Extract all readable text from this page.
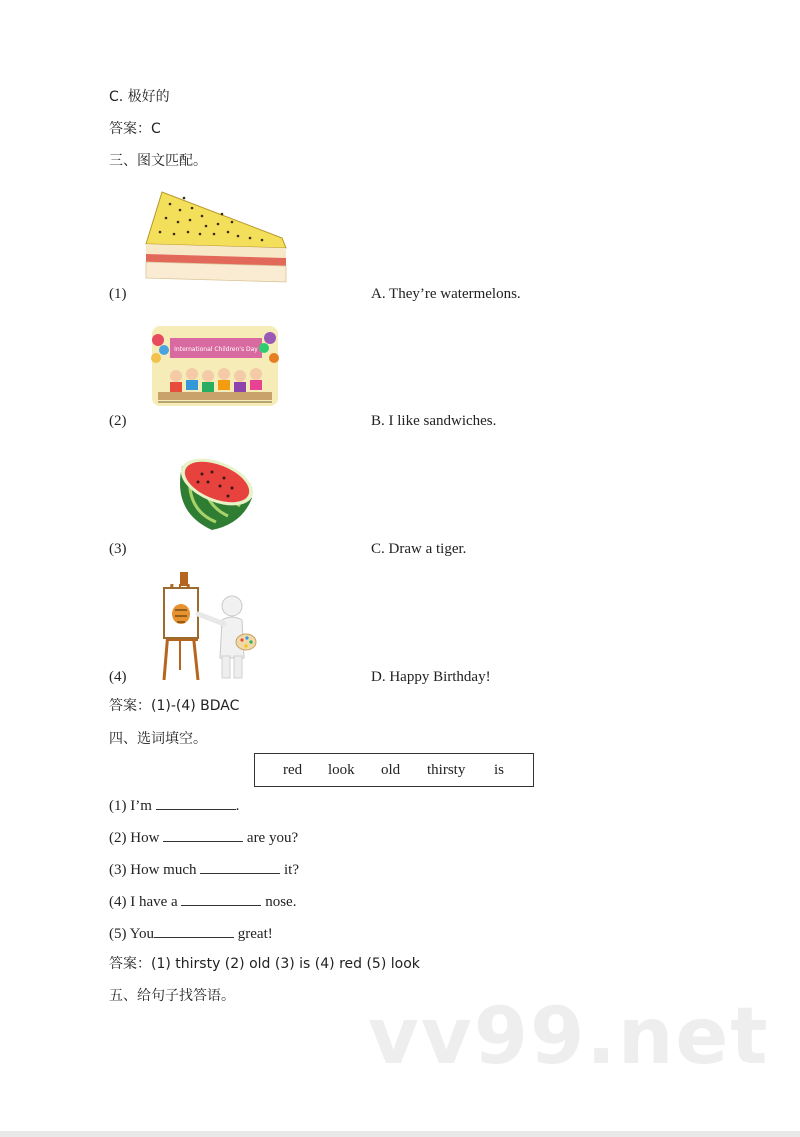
C. 极好的
答案：C
三、图文匹配。
(1)	A. They’re watermelons.
International Children's Day
(2)	B. I like sandwiches.
(3)	C. Draw a tiger.
(4)	D. Happy Birthday!
答案：(1)-(4) BDAC
四、选词填空。
red look old thirsty is
(1) I’m	.
(2) How	are you?
(3) How much	it?
(4) I have a	nose.
(5) You	great!
答案：(1) thirsty (2) old (3) is (4) red (5) look
五、给句子找答语。 vv99.net
